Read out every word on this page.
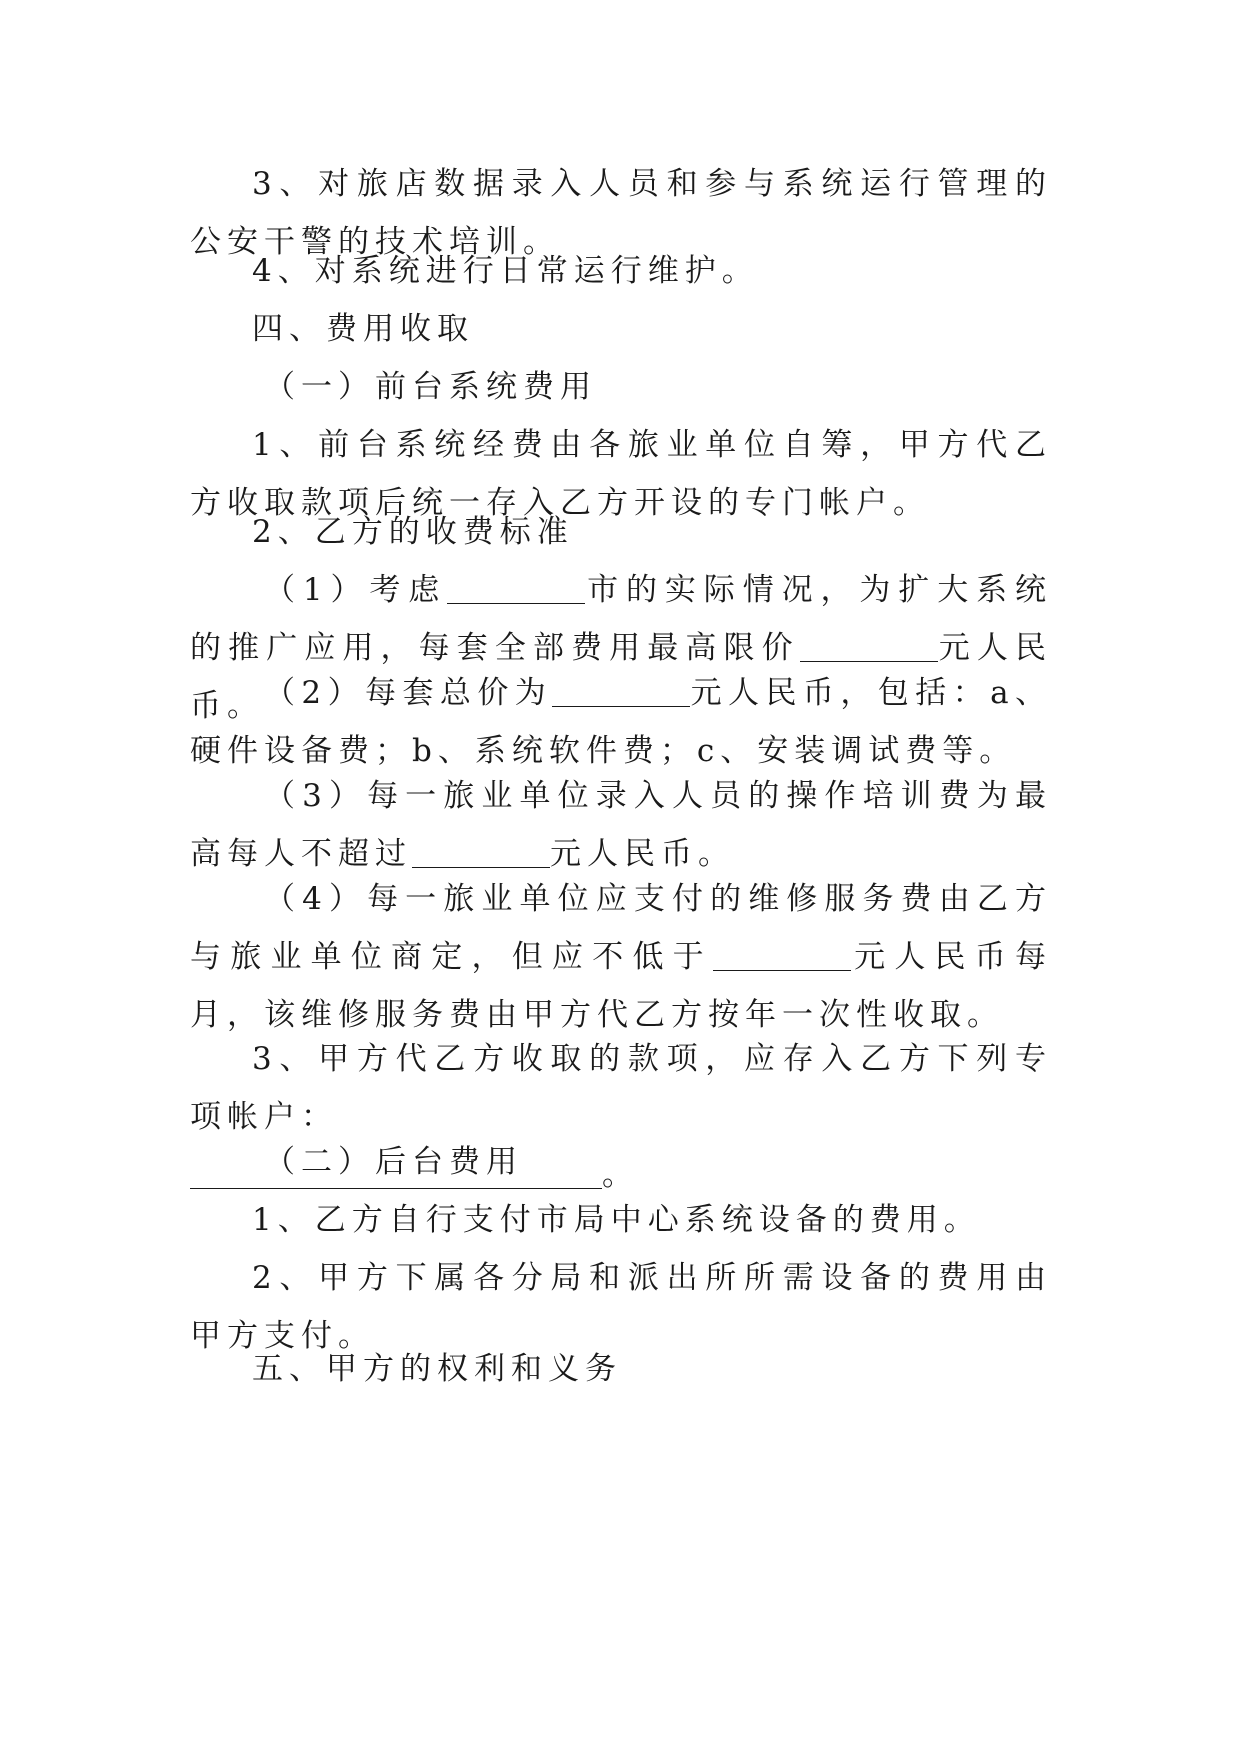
3、对旅店数据录入人员和参与系统运行管理的公安干警的技术培训。

4、对系统进行日常运行维护。

四、费用收取

（一）前台系统费用

1、前台系统经费由各旅业单位自筹，甲方代乙方收取款项后统一存入乙方开设的专门帐户。

2、乙方的收费标准

（1）考虑	市的实际情况，为扩大系统的推广应用，每套全部费用最高限价	元人民币。 （2）每套总价为	元人民币，包括：a、硬件设备费；b、系统软件费；c、安装调试费等。

（3）每一旅业单位录入人员的操作培训费为最高每人不超过	元人民币。

（4）每一旅业单位应支付的维修服务费由乙方与旅业单位商定，但应不低于	元人民币每月，该维修服务费由甲方代乙方按年一次性收取。

3、甲方代乙方收取的款项，应存入乙方下列专项帐户：
。

（二）后台费用

1、乙方自行支付市局中心系统设备的费用。

2、甲方下属各分局和派出所所需设备的费用由甲方支付。

五、甲方的权利和义务
